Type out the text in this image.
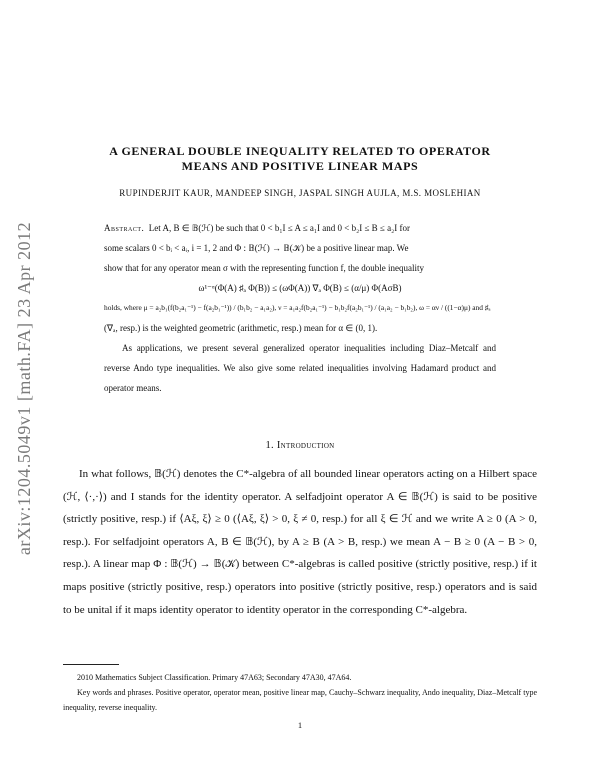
arXiv:1204.5049v1 [math.FA] 23 Apr 2012
A GENERAL DOUBLE INEQUALITY RELATED TO OPERATOR
MEANS AND POSITIVE LINEAR MAPS
RUPINDERJIT KAUR, MANDEEP SINGH, JASPAL SINGH AUJLA, M.S. MOSLEHIAN

Abstract. Let A, B ∈ 𝔹(ℋ) be such that 0 < b₁I ≤ A ≤ a₁I and 0 < b₂I ≤ B ≤ a₂I for

some scalars 0 < bᵢ < aᵢ, i = 1, 2 and Φ : 𝔹(ℋ) → 𝔹(𝒦) be a positive linear map. We

show that for any operator mean σ with the representing function f, the double inequality

ω¹⁻ᵅ(Φ(A) ♯ₐ Φ(B)) ≤ (ωΦ(A)) ∇ₐ Φ(B) ≤ (α/μ) Φ(AσB)

holds, where μ = a₂b₁(f(b₂a₁⁻¹) − f(a₂b₁⁻¹)) / (b₁b₂ − a₁a₂), ν = a₁a₂f(b₂a₁⁻¹) − b₁b₂f(a₂b₁⁻¹) / (a₁a₂ − b₁b₂), ω = αν / ((1−α)μ) and ♯ₐ

(∇ₐ, resp.) is the weighted geometric (arithmetic, resp.) mean for α ∈ (0, 1).

As applications, we present several generalized operator inequalities including Diaz–Metcalf and reverse Ando type inequalities. We also give some related inequalities involving Hadamard product and operator means.

1. Introduction

In what follows, 𝔹(ℋ) denotes the C*-algebra of all bounded linear operators acting on a Hilbert space (ℋ, ⟨·,·⟩) and I stands for the identity operator. A selfadjoint operator A ∈ 𝔹(ℋ) is said to be positive (strictly positive, resp.) if ⟨Aξ, ξ⟩ ≥ 0 (⟨Aξ, ξ⟩ > 0, ξ ≠ 0, resp.) for all ξ ∈ ℋ and we write A ≥ 0 (A > 0, resp.). For selfadjoint operators A, B ∈ 𝔹(ℋ), by A ≥ B (A > B, resp.) we mean A − B ≥ 0 (A − B > 0, resp.). A linear map Φ : 𝔹(ℋ) → 𝔹(𝒦) between C*-algebras is called positive (strictly positive, resp.) if it maps positive (strictly positive, resp.) operators into positive (strictly positive, resp.) operators and is said to be unital if it maps identity operator to identity operator in the corresponding C*-algebra.

2010 Mathematics Subject Classification. Primary 47A63; Secondary 47A30, 47A64.

Key words and phrases. Positive operator, operator mean, positive linear map, Cauchy–Schwarz inequality, Ando inequality, Diaz–Metcalf type inequality, reverse inequality.

1
